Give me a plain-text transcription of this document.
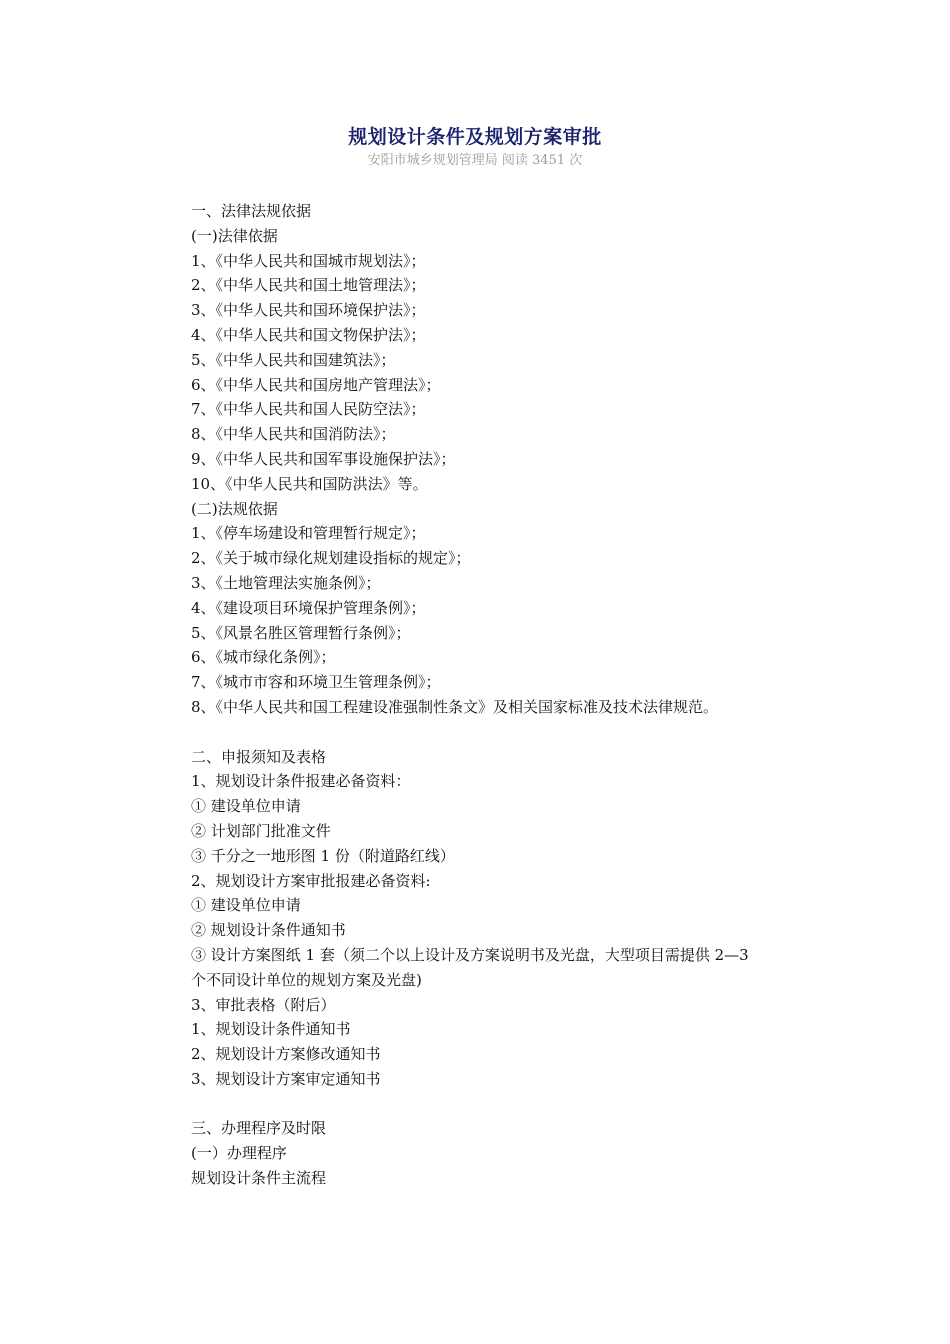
规划设计条件及规划方案审批
安阳市城乡规划管理局 阅读 3451 次
一、法律法规依据
(一)法律依据
1、《中华人民共和国城市规划法》；
2、《中华人民共和国土地管理法》；
3、《中华人民共和国环境保护法》；
4、《中华人民共和国文物保护法》；
5、《中华人民共和国建筑法》；
6、《中华人民共和国房地产管理法》；
7、《中华人民共和国人民防空法》；
8、《中华人民共和国消防法》；
9、《中华人民共和国军事设施保护法》；
10、《中华人民共和国防洪法》等。
(二)法规依据
1、《停车场建设和管理暂行规定》；
2、《关于城市绿化规划建设指标的规定》；
3、《土地管理法实施条例》；
4、《建设项目环境保护管理条例》；
5、《风景名胜区管理暂行条例》；
6、《城市绿化条例》；
7、《城市市容和环境卫生管理条例》；
8、《中华人民共和国工程建设准强制性条文》及相关国家标准及技术法律规范。
二、申报须知及表格
1、规划设计条件报建必备资料：
① 建设单位申请
② 计划部门批准文件
③ 千分之一地形图 1 份（附道路红线）
2、规划设计方案审批报建必备资料:
① 建设单位申请
② 规划设计条件通知书
③ 设计方案图纸 1 套（须二个以上设计及方案说明书及光盘，大型项目需提供 2—3 个不同设计单位的规划方案及光盘)
3、审批表格（附后）
1、规划设计条件通知书
2、规划设计方案修改通知书
3、规划设计方案审定通知书
三、办理程序及时限
(一）办理程序
规划设计条件主流程
